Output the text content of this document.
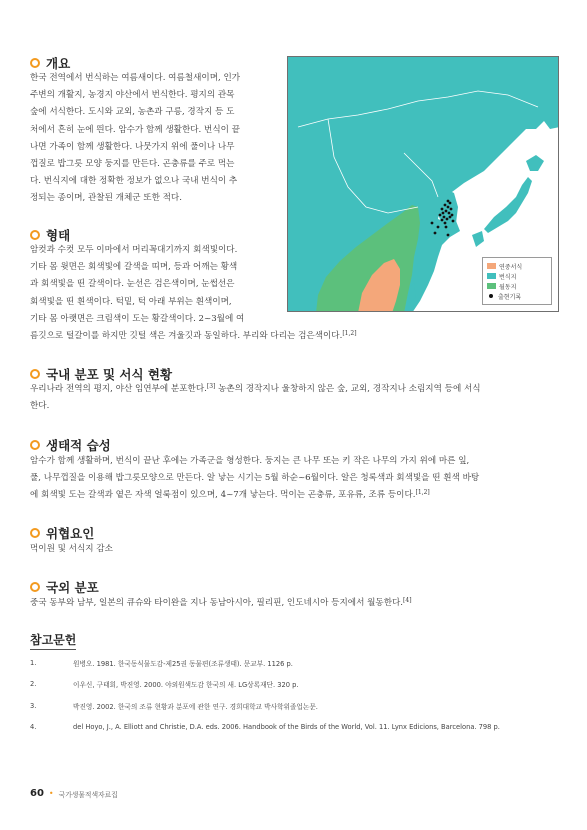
개요
한국 전역에서 번식하는 여름새이다. 여름철새이며, 인가
주변의 개활지, 농경지 야산에서 번식한다. 평지의 관목
숲에 서식한다. 도시와 교외, 농촌과 구릉, 경작지 등 도
처에서 흔히 눈에 띈다. 암수가 함께 생활한다. 번식이 끝
나면 가족이 함께 생활한다. 나뭇가지 위에 풀이나 나무
껍질로 밥그릇 모양 둥지를 만든다. 곤충류를 주로 먹는
다. 번식지에 대한 정확한 정보가 없으나 국내 번식이 추
정되는 종이며, 관찰된 개체군 또한 적다.
형태
암컷과 수컷 모두 이마에서 머리꼭대기까지 회색빛이다.
기타 몸 윗면은 회색빛에 갈색을 띠며, 등과 어깨는 황색
과 회색빛을 띤 갈색이다. 눈선은 검은색이며, 눈썹선은
회색빛을 띤 흰색이다. 턱밑, 턱 아래 부위는 흰색이며,
기타 몸 아랫면은 크림색이 도는 황갈색이다. 2~3월에 여
름깃으로 털갈이를 하지만 깃털 색은 겨울깃과 동일하다. 부리와 다리는 검은색이다.[1,2]
연중서식
번식지
월동지
출현기록
국내 분포 및 서식 현황
우리나라 전역의 평지, 야산 임연부에 분포한다.[3] 농촌의 경작지나 울창하지 않은 숲, 교외, 경작지나 소림지역 등에 서식
한다.
생태적 습성
암수가 함께 생활하며, 번식이 끝난 후에는 가족군을 형성한다. 둥지는 큰 나무 또는 키 작은 나무의 가지 위에 마른 잎,
풀, 나무껍질을 이용해 밥그릇모양으로 만든다. 알 낳는 시기는 5월 하순~6월이다. 알은 청록색과 회색빛을 띤 흰색 바탕
에 회색빛 도는 갈색과 옅은 자색 얼룩점이 있으며, 4~7개 낳는다. 먹이는 곤충류, 포유류, 조류 등이다.[1,2]
위협요인
먹이원 및 서식지 감소
국외 분포
중국 동부와 남부, 일본의 큐슈와 타이완을 지나 동남아시아, 필리핀, 인도네시아 등지에서 월동한다.[4]
참고문헌
1.	원병오. 1981. 한국동식물도감-제25권 동물편(조류생태). 문교부. 1126 p.
2.	이우신, 구태회, 박진영. 2000. 야외원색도감 한국의 새. LG상록재단. 320 p.
3.	박진영. 2002. 한국의 조류 현황과 분포에 관한 연구. 경희대학교 박사학위졸업논문.
4.	del Hoyo, J., A. Elliott and Christie, D.A. eds. 2006. Handbook of the Birds of the World, Vol. 11. Lynx Edicions, Barcelona. 798 p.
60 • 국가생물적색자료집
